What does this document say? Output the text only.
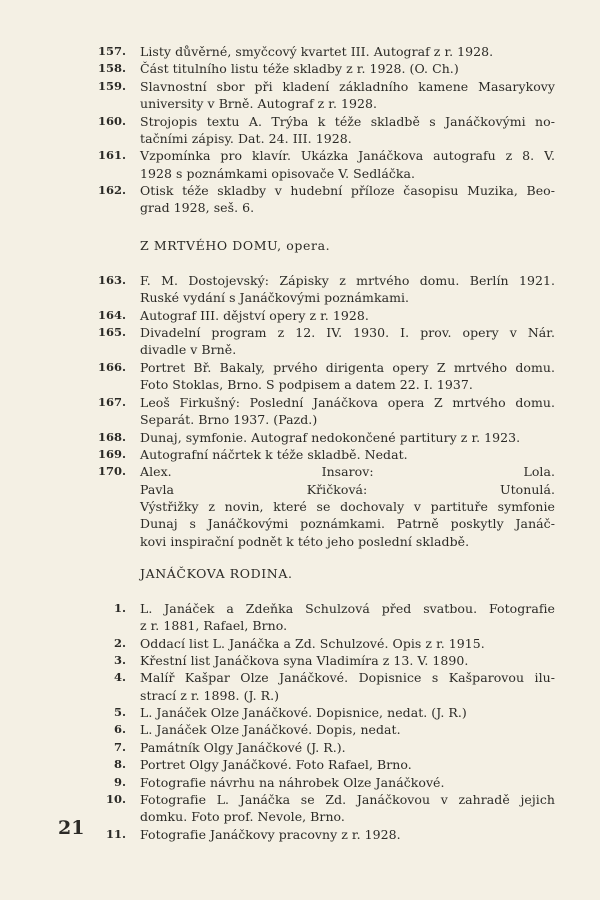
157. Listy důvěrné, smyčcový kvartet III. Autograf z r. 1928.
158. Část titulního listu téže skladby z r. 1928. (O. Ch.)
159. Slavnostní sbor při kladení základního kamene Masarykovy
university v Brně. Autograf z r. 1928.
160. Strojopis textu A. Trýba k téže skladbě s Janáčkovými no-
tačními zápisy. Dat. 24. III. 1928.
161. Vzpomínka pro klavír. Ukázka Janáčkova autografu z 8. V.
1928 s poznámkami opisovače V. Sedláčka.
162. Otisk téže skladby v hudební příloze časopisu Muzika, Beo-
grad 1928, seš. 6.
163. F. M. Dostojevský: Zápisky z mrtvého domu. Berlín 1921.
Ruské vydání s Janáčkovými poznámkami.
164. Autograf III. dějství opery z r. 1928.
165. Divadelní program z 12. IV. 1930. I. prov. opery v Nár.
divadle v Brně.
166. Portret Bř. Bakaly, prvého dirigenta opery Z mrtvého domu.
Foto Stoklas, Brno. S podpisem a datem 22. I. 1937.
167. Leoš Firkušný: Poslední Janáčkova opera Z mrtvého domu.
Separát. Brno 1937. (Pazd.)
168. Dunaj, symfonie. Autograf nedokončené partitury z r. 1923.
169. Autografní náčrtek k téže skladbě. Nedat.
170. Alex. Insarov: Lola.
Pavla Křičková: Utonulá.
Výstřižky z novin, které se dochovaly v partituře symfonie
Dunaj s Janáčkovými poznámkami. Patrně poskytly Janáč-
kovi inspirační podnět k této jeho poslední skladbě.
1. L. Janáček a Zdeňka Schulzová před svatbou. Fotografie
z r. 1881, Rafael, Brno.
2. Oddací list L. Janáčka a Zd. Schulzové. Opis z r. 1915.
3. Křestní list Janáčkova syna Vladimíra z 13. V. 1890.
4. Malíř Kašpar Olze Janáčkové. Dopisnice s Kašparovou ilu-
strací z r. 1898. (J. R.)
5. L. Janáček Olze Janáčkové. Dopisnice, nedat. (J. R.)
6. L. Janáček Olze Janáčkové. Dopis, nedat.
7. Památník Olgy Janáčkové (J. R.).
8. Portret Olgy Janáčkové. Foto Rafael, Brno.
9. Fotografie návrhu na náhrobek Olze Janáčkové.
10. Fotografie L. Janáčka se Zd. Janáčkovou v zahradě jejich
domku. Foto prof. Nevole, Brno.
11. Fotografie Janáčkovy pracovny z r. 1928.
Z MRTVÉHO DOMU, opera.
JANÁČKOVA RODINA.
21
